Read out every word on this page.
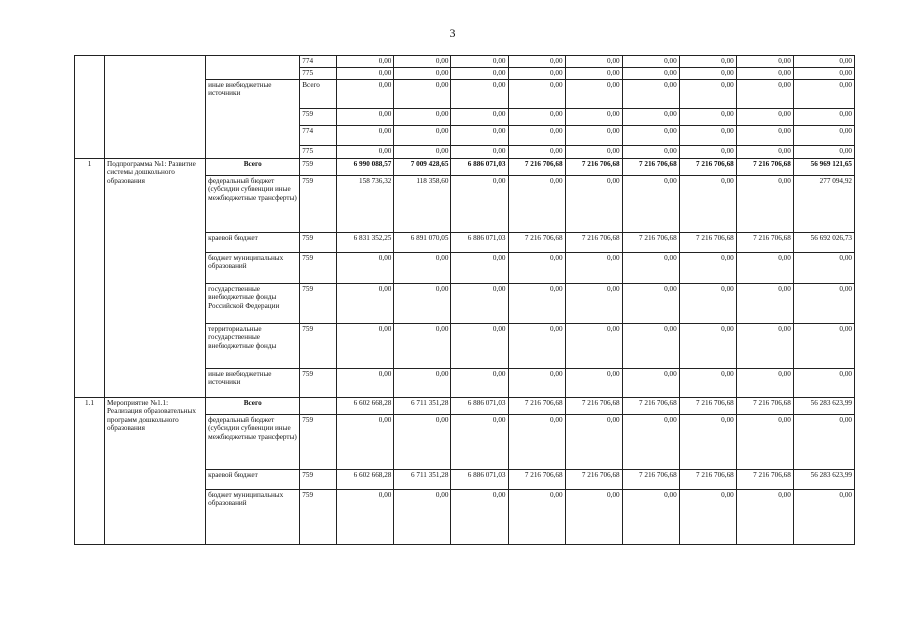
3
			774	0,00	0,00	0,00	0,00	0,00	0,00	0,00	0,00	0,00
			775	0,00	0,00	0,00	0,00	0,00	0,00	0,00	0,00	0,00
		иные внебюджетные источники	Всего	0,00	0,00	0,00	0,00	0,00	0,00	0,00	0,00	0,00
			759	0,00	0,00	0,00	0,00	0,00	0,00	0,00	0,00	0,00
			774	0,00	0,00	0,00	0,00	0,00	0,00	0,00	0,00	0,00
			775	0,00	0,00	0,00	0,00	0,00	0,00	0,00	0,00	0,00
1	Подпрограмма №1: Развитие системы дошкольного образования	Всего	759	6 990 088,57	7 009 428,65	6 886 071,03	7 216 706,68	7 216 706,68	7 216 706,68	7 216 706,68	7 216 706,68	56 969 121,65
		федеральный бюджет (субсидии субвенции иные межбюджетные трансферты)	759	158 736,32	118 358,60	0,00	0,00	0,00	0,00	0,00	0,00	277 094,92
		краевой бюджет	759	6 831 352,25	6 891 070,05	6 886 071,03	7 216 706,68	7 216 706,68	7 216 706,68	7 216 706,68	7 216 706,68	56 692 026,73
		бюджет муниципальных образований	759	0,00	0,00	0,00	0,00	0,00	0,00	0,00	0,00	0,00
		государственные внебюджетные фонды Российской Федерации	759	0,00	0,00	0,00	0,00	0,00	0,00	0,00	0,00	0,00
		территориальные государственные внебюджетные фонды	759	0,00	0,00	0,00	0,00	0,00	0,00	0,00	0,00	0,00
		иные внебюджетные источники	759	0,00	0,00	0,00	0,00	0,00	0,00	0,00	0,00	0,00
1.1	Мероприятие №1.1: Реализация образовательных программ дошкольного образования	Всего		6 602 668,28	6 711 351,28	6 886 071,03	7 216 706,68	7 216 706,68	7 216 706,68	7 216 706,68	7 216 706,68	56 283 623,99
		федеральный бюджет (субсидии субвенции иные межбюджетные трансферты)	759	0,00	0,00	0,00	0,00	0,00	0,00	0,00	0,00	0,00
		краевой бюджет	759	6 602 668,28	6 711 351,28	6 886 071,03	7 216 706,68	7 216 706,68	7 216 706,68	7 216 706,68	7 216 706,68	56 283 623,99
		бюджет муниципальных образований	759	0,00	0,00	0,00	0,00	0,00	0,00	0,00	0,00	0,00
